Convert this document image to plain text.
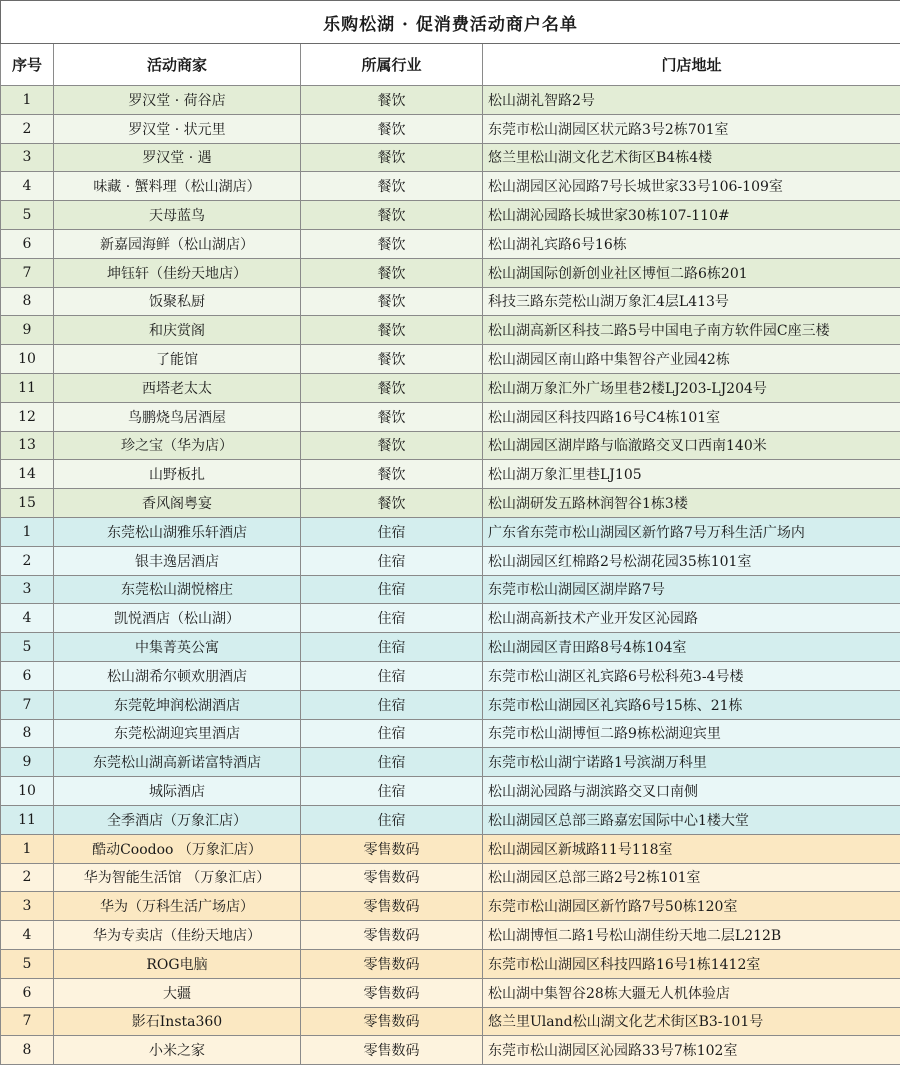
乐购松湖 · 促消费活动商户名单			
序号	活动商家	所属行业	门店地址
1	罗汉堂 · 荷谷店	餐饮	松山湖礼智路2号
2	罗汉堂 · 状元里	餐饮	东莞市松山湖园区状元路3号2栋701室
3	罗汉堂 · 遇	餐饮	悠兰里松山湖文化艺术街区B4栋4楼
4	味藏 · 蟹料理（松山湖店）	餐饮	松山湖园区沁园路7号长城世家33号106-109室
5	天母蓝鸟	餐饮	松山湖沁园路长城世家30栋107-110#
6	新嘉园海鲜（松山湖店）	餐饮	松山湖礼宾路6号16栋
7	坤钰轩（佳纷天地店）	餐饮	松山湖国际创新创业社区博恒二路6栋201
8	饭聚私厨	餐饮	科技三路东莞松山湖万象汇4层L413号
9	和庆赏阁	餐饮	松山湖高新区科技二路5号中国电子南方软件园C座三楼
10	了能馆	餐饮	松山湖园区南山路中集智谷产业园42栋
11	西塔老太太	餐饮	松山湖万象汇外广场里巷2楼LJ203-LJ204号
12	鸟鹏烧鸟居酒屋	餐饮	松山湖园区科技四路16号C4栋101室
13	珍之宝（华为店）	餐饮	松山湖园区湖岸路与临澈路交叉口西南140米
14	山野板扎	餐饮	松山湖万象汇里巷LJ105
15	香风阁粤宴	餐饮	松山湖研发五路林润智谷1栋3楼
1	东莞松山湖雅乐轩酒店	住宿	广东省东莞市松山湖园区新竹路7号万科生活广场内
2	银丰逸居酒店	住宿	松山湖园区红棉路2号松湖花园35栋101室
3	东莞松山湖悦榕庄	住宿	东莞市松山湖园区湖岸路7号
4	凯悦酒店（松山湖）	住宿	松山湖高新技术产业开发区沁园路
5	中集菁英公寓	住宿	松山湖园区青田路8号4栋104室
6	松山湖希尔顿欢朋酒店	住宿	东莞市松山湖区礼宾路6号松科苑3-4号楼
7	东莞乾坤润松湖酒店	住宿	东莞市松山湖园区礼宾路6号15栋、21栋
8	东莞松湖迎宾里酒店	住宿	东莞市松山湖博恒二路9栋松湖迎宾里
9	东莞松山湖高新诺富特酒店	住宿	东莞市松山湖宁诺路1号滨湖万科里
10	城际酒店	住宿	松山湖沁园路与湖滨路交叉口南侧
11	全季酒店（万象汇店）	住宿	松山湖园区总部三路嘉宏国际中心1楼大堂
1	酷动Coodoo （万象汇店）	零售数码	松山湖园区新城路11号118室
2	华为智能生活馆 （万象汇店）	零售数码	松山湖园区总部三路2号2栋101室
3	华为（万科生活广场店）	零售数码	东莞市松山湖园区新竹路7号50栋120室
4	华为专卖店（佳纷天地店）	零售数码	松山湖博恒二路1号松山湖佳纷天地二层L212B
5	ROG电脑	零售数码	东莞市松山湖园区科技四路16号1栋1412室
6	大疆	零售数码	松山湖中集智谷28栋大疆无人机体验店
7	影石Insta360	零售数码	悠兰里Uland松山湖文化艺术街区B3-101号
8	小米之家	零售数码	东莞市松山湖园区沁园路33号7栋102室
